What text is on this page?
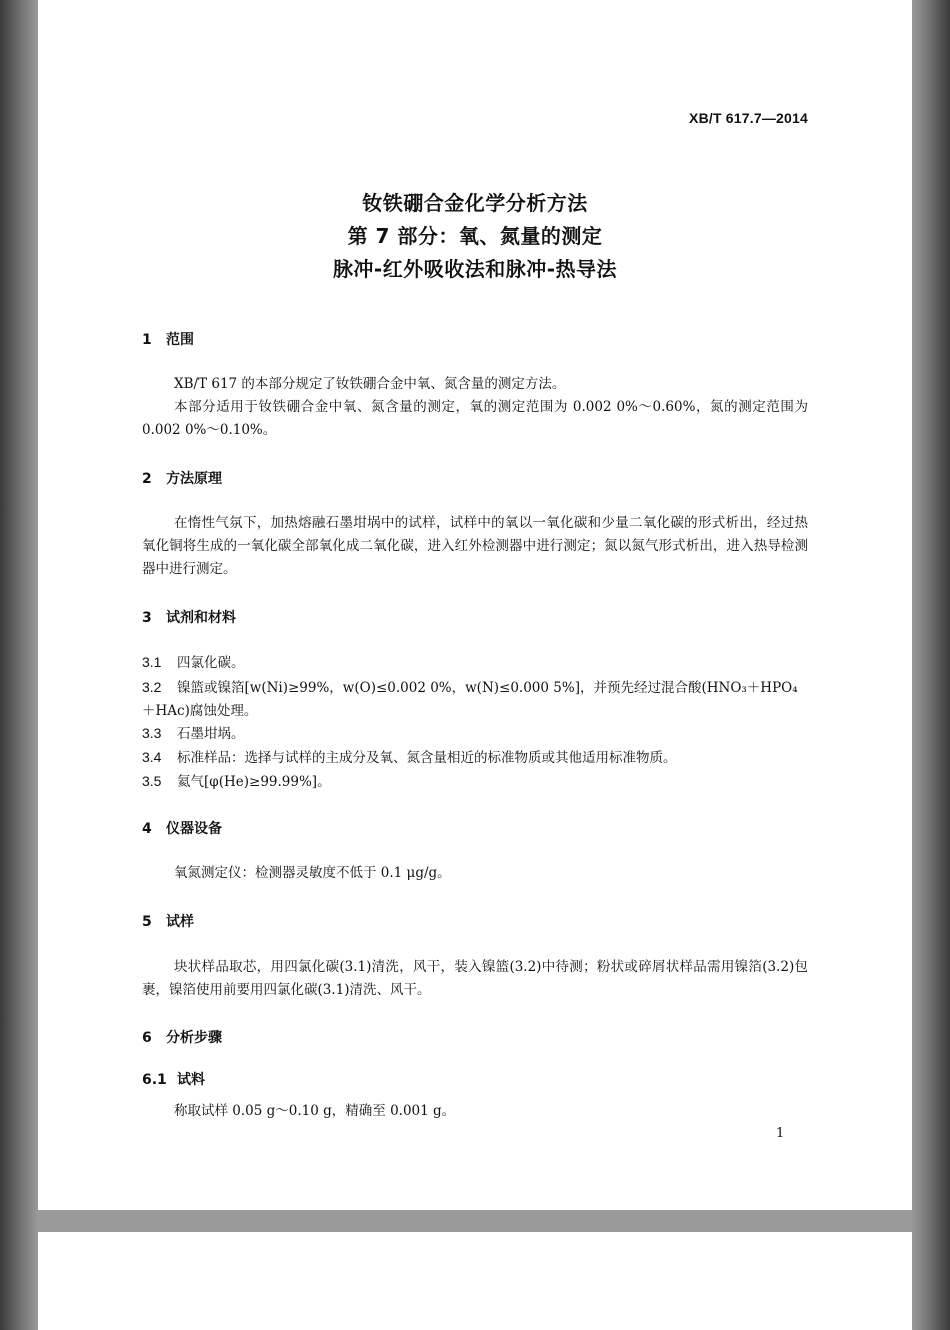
XB/T 617.7—2014
钕铁硼合金化学分析方法
第 7 部分：氧、氮量的测定
脉冲-红外吸收法和脉冲-热导法
1 范围

XB/T 617 的本部分规定了钕铁硼合金中氧、氮含量的测定方法。

本部分适用于钕铁硼合金中氧、氮含量的测定，氧的测定范围为 0.002 0%～0.60%，氮的测定范围为 0.002 0%～0.10%。

2 方法原理

在惰性气氛下，加热熔融石墨坩埚中的试样，试样中的氧以一氧化碳和少量二氧化碳的形式析出，经过热氧化铜将生成的一氧化碳全部氧化成二氧化碳，进入红外检测器中进行测定；氮以氮气形式析出，进入热导检测器中进行测定。

3 试剂和材料
3.1 四氯化碳。
3.2 镍篮或镍箔[w(Ni)≥99%，w(O)≤0.002 0%，w(N)≤0.000 5%]，并预先经过混合酸(HNO₃＋HPO₄＋HAc)腐蚀处理。
3.3 石墨坩埚。
3.4 标准样品：选择与试样的主成分及氧、氮含量相近的标准物质或其他适用标准物质。
3.5 氦气[φ(He)≥99.99%]。
4 仪器设备

氧氮测定仪：检测器灵敏度不低于 0.1 μg/g。

5 试样

块状样品取芯，用四氯化碳(3.1)清洗，风干，装入镍篮(3.2)中待测；粉状或碎屑状样品需用镍箔(3.2)包裹，镍箔使用前要用四氯化碳(3.1)清洗、风干。

6 分析步骤
6.1 试料

称取试样 0.05 g～0.10 g，精确至 0.001 g。

1
